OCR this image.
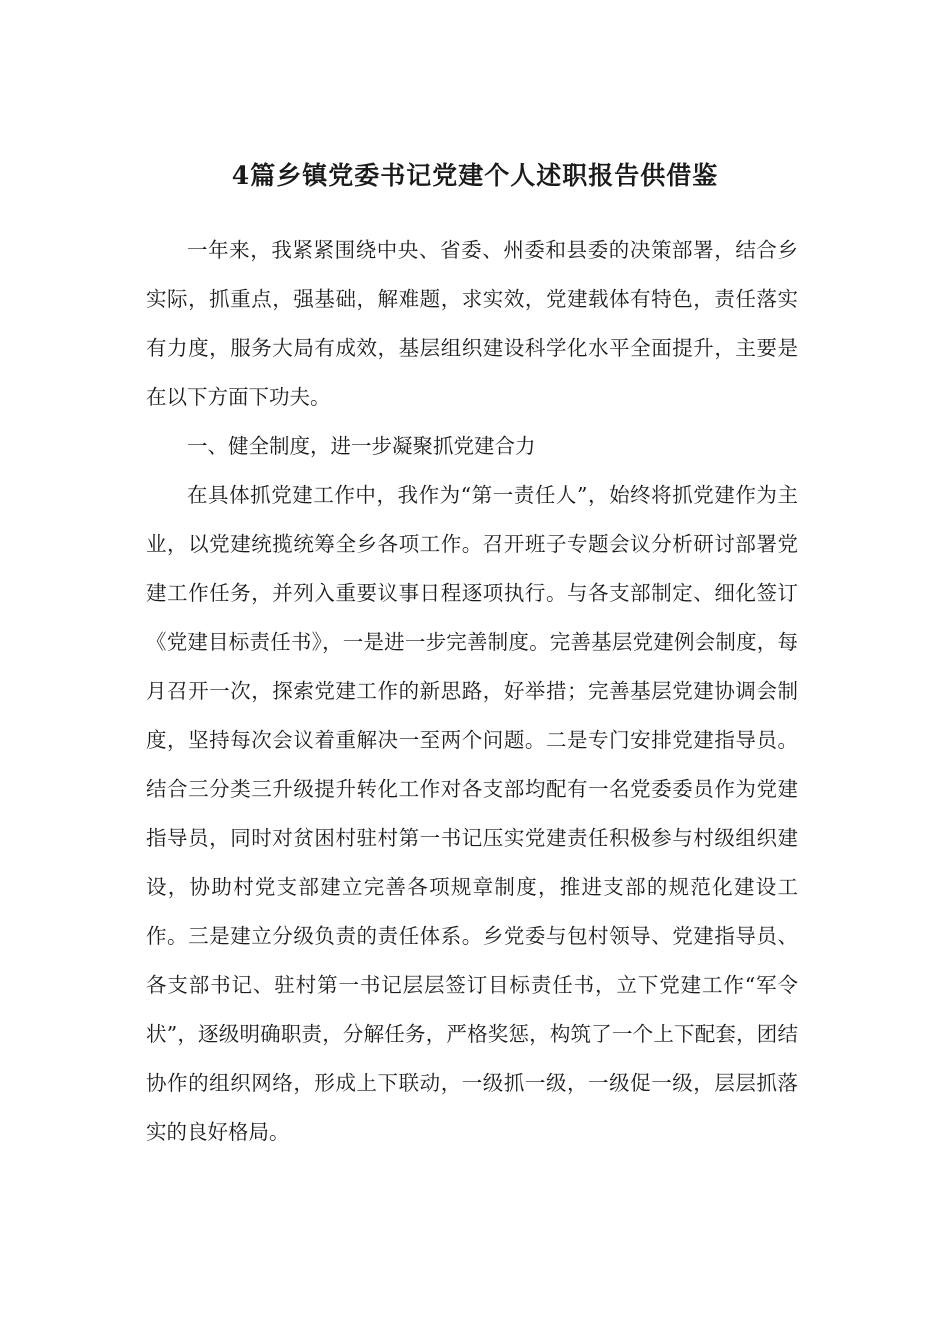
4篇乡镇党委书记党建个人述职报告供借鉴

一年来，我紧紧围绕中央、省委、州委和县委的决策部署，结合乡实际，抓重点，强基础，解难题，求实效，党建载体有特色，责任落实有力度，服务大局有成效，基层组织建设科学化水平全面提升，主要是在以下方面下功夫。

一、健全制度，进一步凝聚抓党建合力

在具体抓党建工作中，我作为“第一责任人”，始终将抓党建作为主业，以党建统揽统筹全乡各项工作。召开班子专题会议分析研讨部署党建工作任务，并列入重要议事日程逐项执行。与各支部制定、细化签订《党建目标责任书》，一是进一步完善制度。完善基层党建例会制度，每月召开一次，探索党建工作的新思路，好举措；完善基层党建协调会制度，坚持每次会议着重解决一至两个问题。二是专门安排党建指导员。结合三分类三升级提升转化工作对各支部均配有一名党委委员作为党建指导员，同时对贫困村驻村第一书记压实党建责任积极参与村级组织建设，协助村党支部建立完善各项规章制度，推进支部的规范化建设工作。三是建立分级负责的责任体系。乡党委与包村领导、党建指导员、各支部书记、驻村第一书记层层签订目标责任书，立下党建工作“军令状”，逐级明确职责，分解任务，严格奖惩，构筑了一个上下配套，团结协作的组织网络，形成上下联动，一级抓一级，一级促一级，层层抓落实的良好格局。
